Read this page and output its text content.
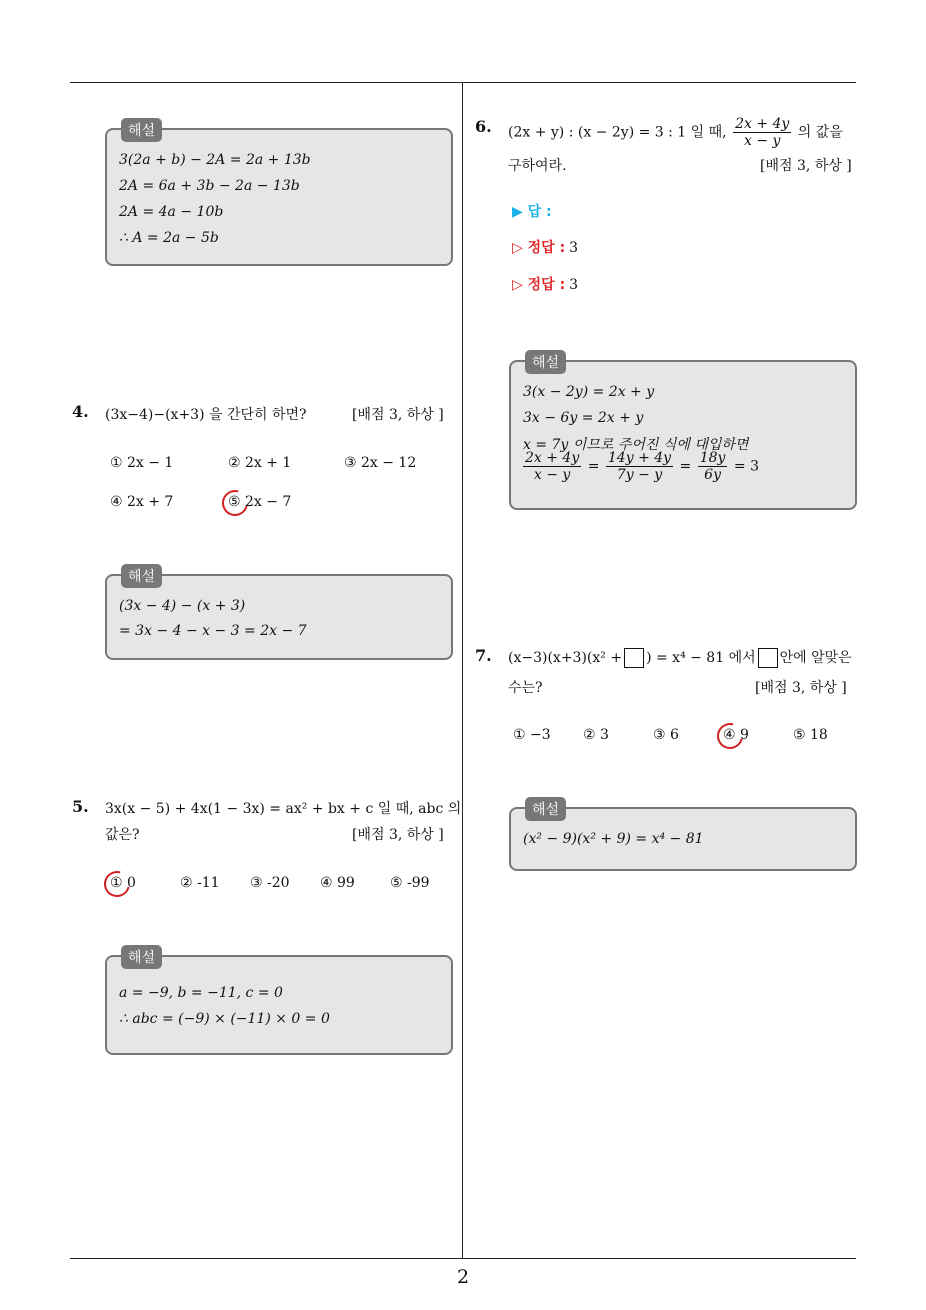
2
해설
3(2a + b) − 2A = 2a + 13b
2A = 6a + 3b − 2a − 13b
2A = 4a − 10b
∴ A = 2a − 5b
4. (3x−4)−(x+3) 을 간단히 하면?	[배점 3, 하상 ]
① 2x − 1	② 2x + 1	③ 2x − 12
④ 2x + 7	⑤ 2x − 7
해설
(3x − 4) − (x + 3)
= 3x − 4 − x − 3 = 2x − 7
5. 3x(x − 5) + 4x(1 − 3x) = ax² + bx + c 일 때, abc 의
값은?	[배점 3, 하상 ]
① 0	② -11 ③ -20 ④ 99	⑤ -99
해설
a = −9, b = −11, c = 0
∴ abc = (−9) × (−11) × 0 = 0
6. (2x + y) : (x − 2y) = 3 : 1 일 때, $\frac{2x + 4y}{x - y}$ 의 값을
구하여라.	[배점 3, 하상 ]
▶ 답 :
▷ 정답 : 3
▷ 정답 : 3
해설
3(x − 2y) = 2x + y
3x − 6y = 2x + y
x = 7y 이므로 주어진 식에 대입하면
$\frac{2x + 4y}{x - y} = \frac{14y + 4y}{7y - y} = \frac{18y}{6y} = 3$
7. (x−3)(x+3)(x² + ) = x⁴ − 81 에서 안에 알맞은
수는?	[배점 3, 하상 ]
① −3 ② 3	③ 6	④ 9	⑤ 18
해설
(x² − 9)(x² + 9) = x⁴ − 81
